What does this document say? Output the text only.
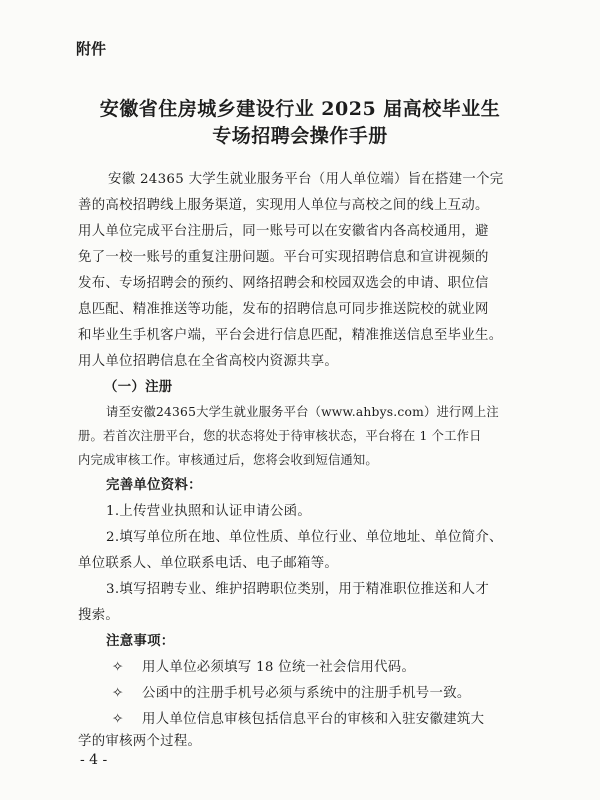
附件
安徽省住房城乡建设行业 2025 届高校毕业生
专场招聘会操作手册
安徽 24365 大学生就业服务平台（用人单位端）旨在搭建一个完
善的高校招聘线上服务渠道，实现用人单位与高校之间的线上互动。
用人单位完成平台注册后，同一账号可以在安徽省内各高校通用，避
免了一校一账号的重复注册问题。平台可实现招聘信息和宣讲视频的
发布、专场招聘会的预约、网络招聘会和校园双选会的申请、职位信
息匹配、精准推送等功能，发布的招聘信息可同步推送院校的就业网
和毕业生手机客户端，平台会进行信息匹配，精准推送信息至毕业生。
用人单位招聘信息在全省高校内资源共享。
（一）注册
请至安徽24365大学生就业服务平台（www.ahbys.com）进行网上注
册。若首次注册平台，您的状态将处于待审核状态，平台将在 1 个工作日
内完成审核工作。审核通过后，您将会收到短信通知。
完善单位资料：
1.上传营业执照和认证申请公函。
2.填写单位所在地、单位性质、单位行业、单位地址、单位简介、
单位联系人、单位联系电话、电子邮箱等。
3.填写招聘专业、维护招聘职位类别，用于精准职位推送和人才
搜索。
注意事项：
✧ 用人单位必须填写 18 位统一社会信用代码。
✧ 公函中的注册手机号必须与系统中的注册手机号一致。
✧ 用人单位信息审核包括信息平台的审核和入驻安徽建筑大
学的审核两个过程。
- 4 -
